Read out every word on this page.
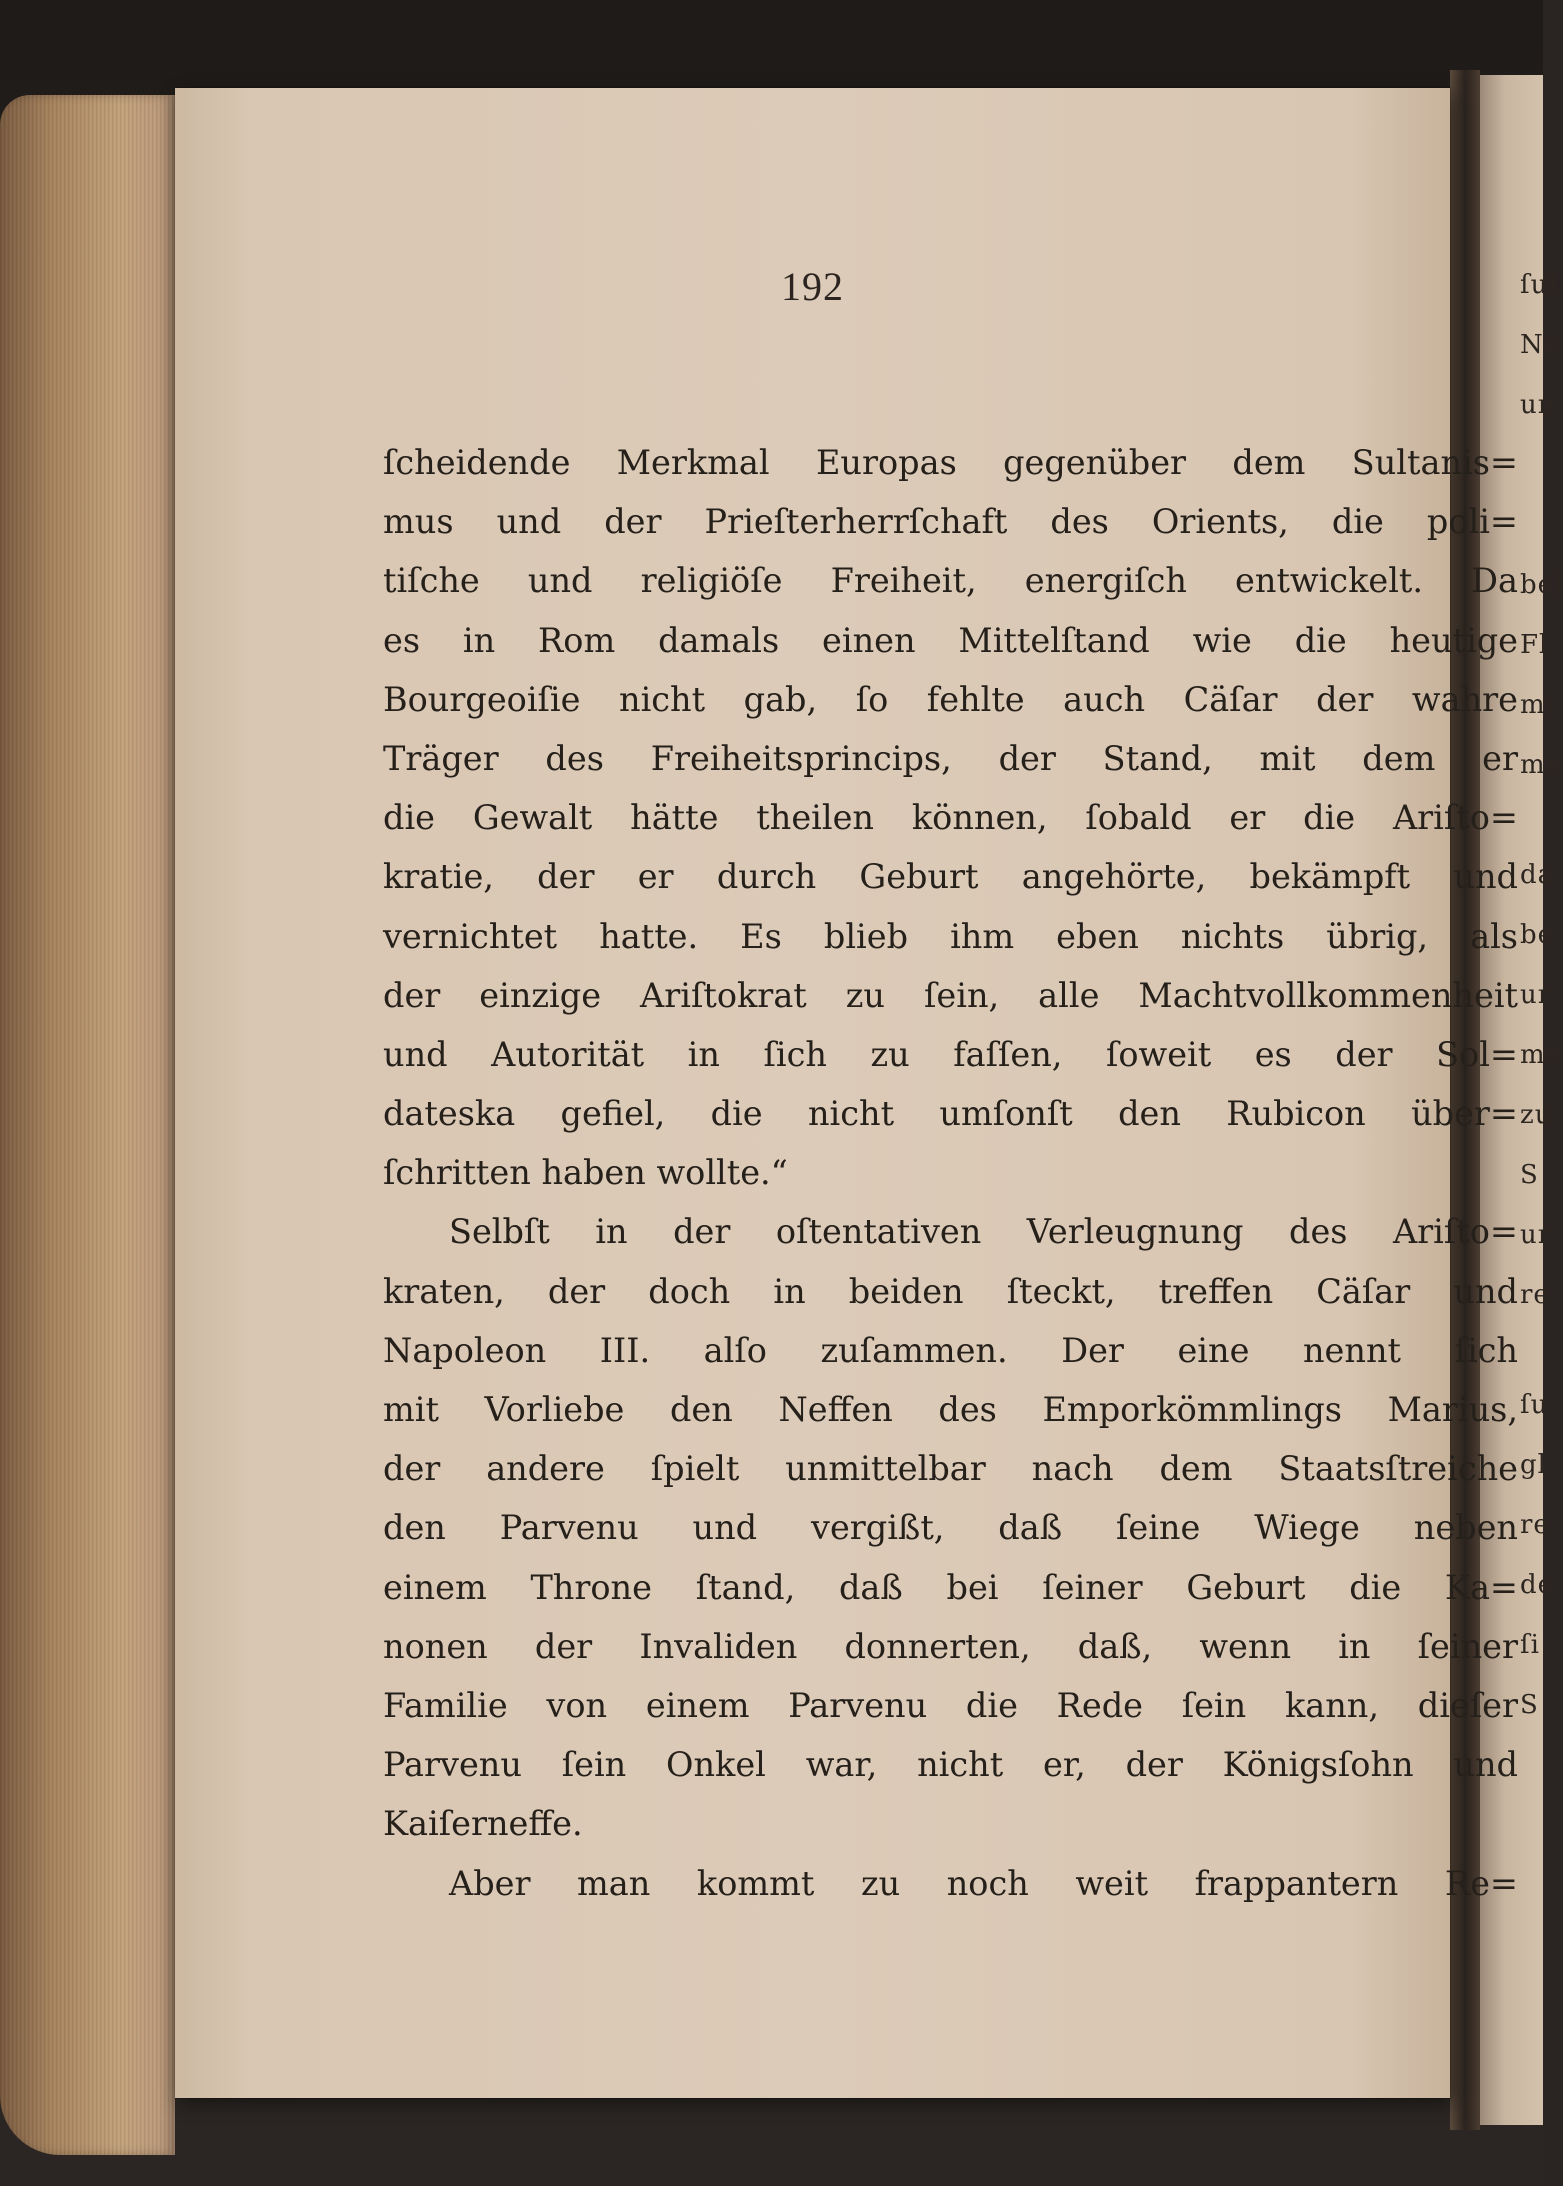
ſul
Na
un
bei
Fl
mi
me
da
be
ur
me
zu
S
ur
re
ſu
gl
re
de
ſi
S
192
ſcheidende Merkmal Europas gegenüber dem Sultanis=
mus und der Prieſterherrſchaft des Orients, die poli=
tiſche und religiöſe Freiheit, energiſch entwickelt. Da
es in Rom damals einen Mittelſtand wie die heutige
Bourgeoiſie nicht gab, ſo fehlte auch Cäſar der wahre
Träger des Freiheitsprincips, der Stand, mit dem er
die Gewalt hätte theilen können, ſobald er die Ariſto=
kratie, der er durch Geburt angehörte, bekämpft und
vernichtet hatte. Es blieb ihm eben nichts übrig, als
der einzige Ariſtokrat zu ſein, alle Machtvollkommenheit
und Autorität in ſich zu faſſen, ſoweit es der Sol=
dateska gefiel, die nicht umſonſt den Rubicon über=
ſchritten haben wollte.“
Selbſt in der oſtentativen Verleugnung des Ariſto=
kraten, der doch in beiden ſteckt, treffen Cäſar und
Napoleon III. alſo zuſammen. Der eine nennt ſich
mit Vorliebe den Neffen des Emporkömmlings Marius,
der andere ſpielt unmittelbar nach dem Staatsſtreiche
den Parvenu und vergißt, daß ſeine Wiege neben
einem Throne ſtand, daß bei ſeiner Geburt die Ka=
nonen der Invaliden donnerten, daß, wenn in ſeiner
Familie von einem Parvenu die Rede ſein kann, dieſer
Parvenu ſein Onkel war, nicht er, der Königsſohn und
Kaiſerneffe.
Aber man kommt zu noch weit frappantern Re=
